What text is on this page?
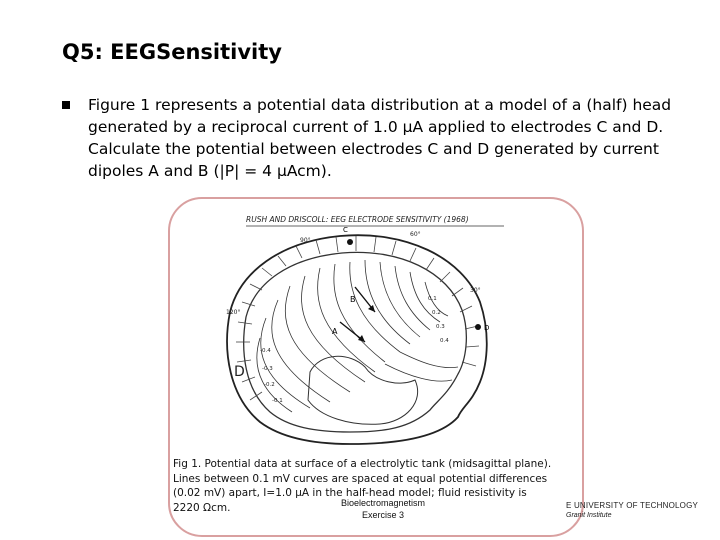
Q5: EEGSensitivity
Figure 1 represents a potential data distribution at a model of a (half) head generated by a reciprocal current of 1.0 µA applied to electrodes C and D. Calculate the potential between electrodes C and D generated by current dipoles A and B (|P| = 4 µAcm).
RUSH AND DRISCOLL: EEG ELECTRODE SENSITIVITY (1968)
A
B
C
D
90°
120°
30°
60°
-0.4
-0.3
-0.2
-0.1
0.1
0.2
0.3
0.4
D
Fig 1. Potential data at surface of a electrolytic tank (midsagittal plane). Lines between 0.1 mV curves are spaced at equal potential differences (0.02 mV) apart, I=1.0 µA in the half-head model; fluid resistivity is 2220 Ωcm.	Bioelectromagnetism
Exercise 3
E UNIVERSITY OF TECHNOLOGY
Granit Institute
